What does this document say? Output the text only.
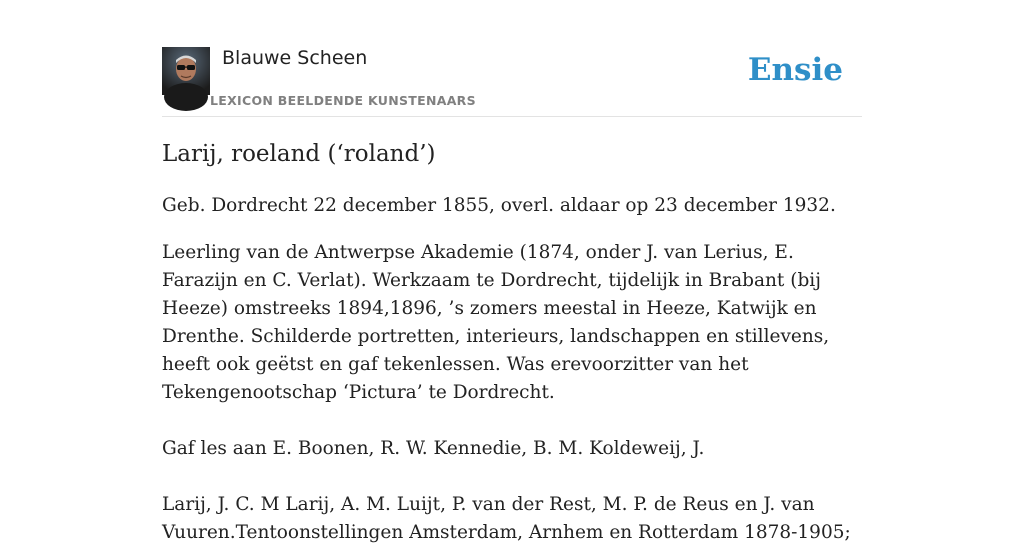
Blauwe Scheen
LEXICON BEELDENDE KUNSTENAARS
Ensie
Larij, roeland (‘roland’)

Geb. Dordrecht 22 december 1855, overl. aldaar op 23 december 1932.

Leerling van de Antwerpse Akademie (1874, onder J. van Lerius, E. Farazijn en C. Verlat). Werkzaam te Dordrecht, tijdelijk in Brabant (bij Heeze) omstreeks 1894,1896, ’s zomers meestal in Heeze, Katwijk en Drenthe. Schilderde portretten, interieurs, landschappen en stillevens, heeft ook geëtst en gaf tekenlessen. Was erevoorzitter van het Tekengenootschap ‘Pictura’ te Dordrecht.

Gaf les aan E. Boonen, R. W. Kennedie, B. M. Koldeweij, J.

Larij, J. C. M Larij, A. M. Luijt, P. van der Rest, M. P. de Reus en J. van Vuuren.Tentoonstellingen Amsterdam, Arnhem en Rotterdam 1878-1905;
